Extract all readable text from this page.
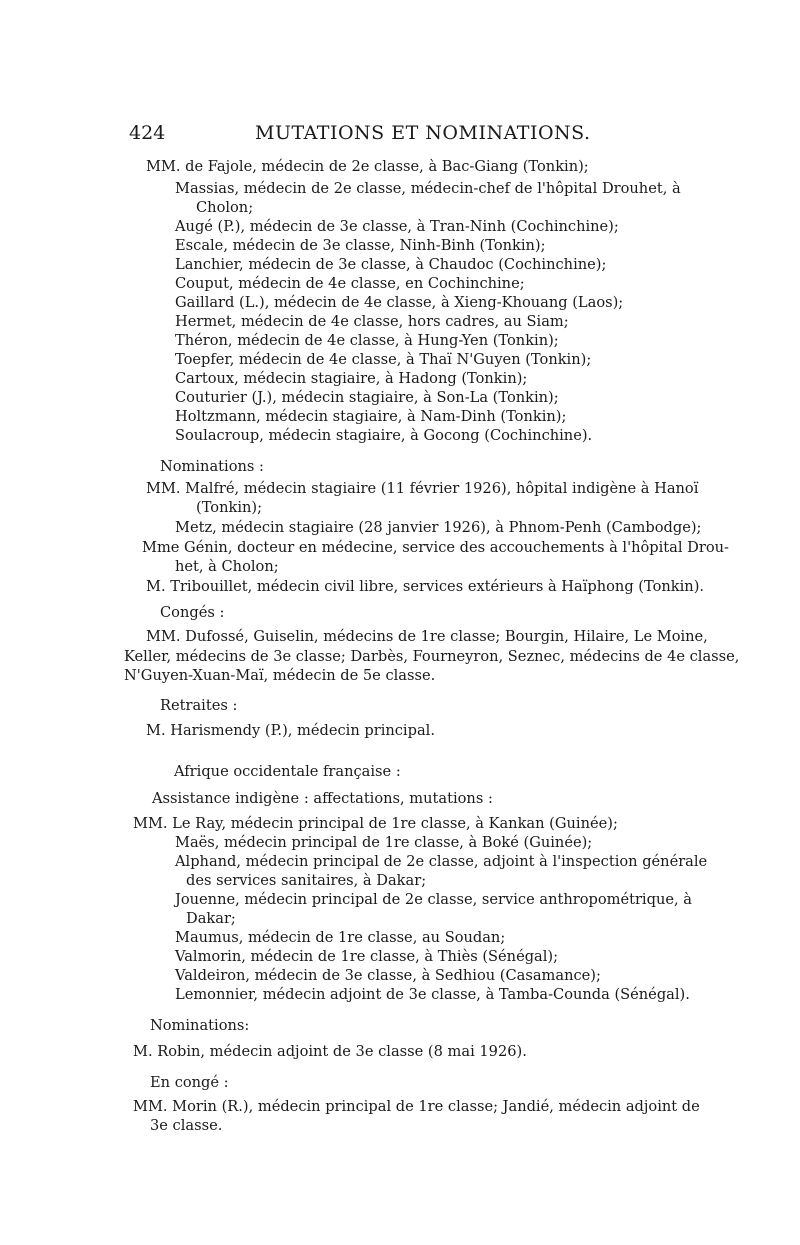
424	MUTATIONS ET NOMINATIONS.
MM. de Fajole, médecin de 2e classe, à Bac-Giang (Tonkin);
Massias, médecin de 2e classe, médecin-chef de l'hôpital Drouhet, à
Cholon;
Augé (P.), médecin de 3e classe, à Tran-Ninh (Cochinchine);
Escale, médecin de 3e classe, Ninh-Binh (Tonkin);
Lanchier, médecin de 3e classe, à Chaudoc (Cochinchine);
Couput, médecin de 4e classe, en Cochinchine;
Gaillard (L.), médecin de 4e classe, à Xieng-Khouang (Laos);
Hermet, médecin de 4e classe, hors cadres, au Siam;
Théron, médecin de 4e classe, à Hung-Yen (Tonkin);
Toepfer, médecin de 4e classe, à Thaï N'Guyen (Tonkin);
Cartoux, médecin stagiaire, à Hadong (Tonkin);
Couturier (J.), médecin stagiaire, à Son-La (Tonkin);
Holtzmann, médecin stagiaire, à Nam-Dinh (Tonkin);
Soulacroup, médecin stagiaire, à Gocong (Cochinchine).
Nominations :
MM. Malfré, médecin stagiaire (11 février 1926), hôpital indigène à Hanoï
(Tonkin);
Metz, médecin stagiaire (28 janvier 1926), à Phnom-Penh (Cambodge);
Mme Génin, docteur en médecine, service des accouchements à l'hôpital Drou-
het, à Cholon;
M. Tribouillet, médecin civil libre, services extérieurs à Haïphong (Tonkin).
Congés :
MM. Dufossé, Guiselin, médecins de 1re classe; Bourgin, Hilaire, Le Moine,
Keller, médecins de 3e classe; Darbès, Fourneyron, Seznec, médecins de 4e classe,
N'Guyen-Xuan-Maï, médecin de 5e classe.
Retraites :
M. Harismendy (P.), médecin principal.
Afrique occidentale française :
Assistance indigène : affectations, mutations :
MM. Le Ray, médecin principal de 1re classe, à Kankan (Guinée);
Maës, médecin principal de 1re classe, à Boké (Guinée);
Alphand, médecin principal de 2e classe, adjoint à l'inspection générale
des services sanitaires, à Dakar;
Jouenne, médecin principal de 2e classe, service anthropométrique, à
Dakar;
Maumus, médecin de 1re classe, au Soudan;
Valmorin, médecin de 1re classe, à Thiès (Sénégal);
Valdeiron, médecin de 3e classe, à Sedhiou (Casamance);
Lemonnier, médecin adjoint de 3e classe, à Tamba-Counda (Sénégal).
Nominations:
M. Robin, médecin adjoint de 3e classe (8 mai 1926).
En congé :
MM. Morin (R.), médecin principal de 1re classe; Jandié, médecin adjoint de
3e classe.
